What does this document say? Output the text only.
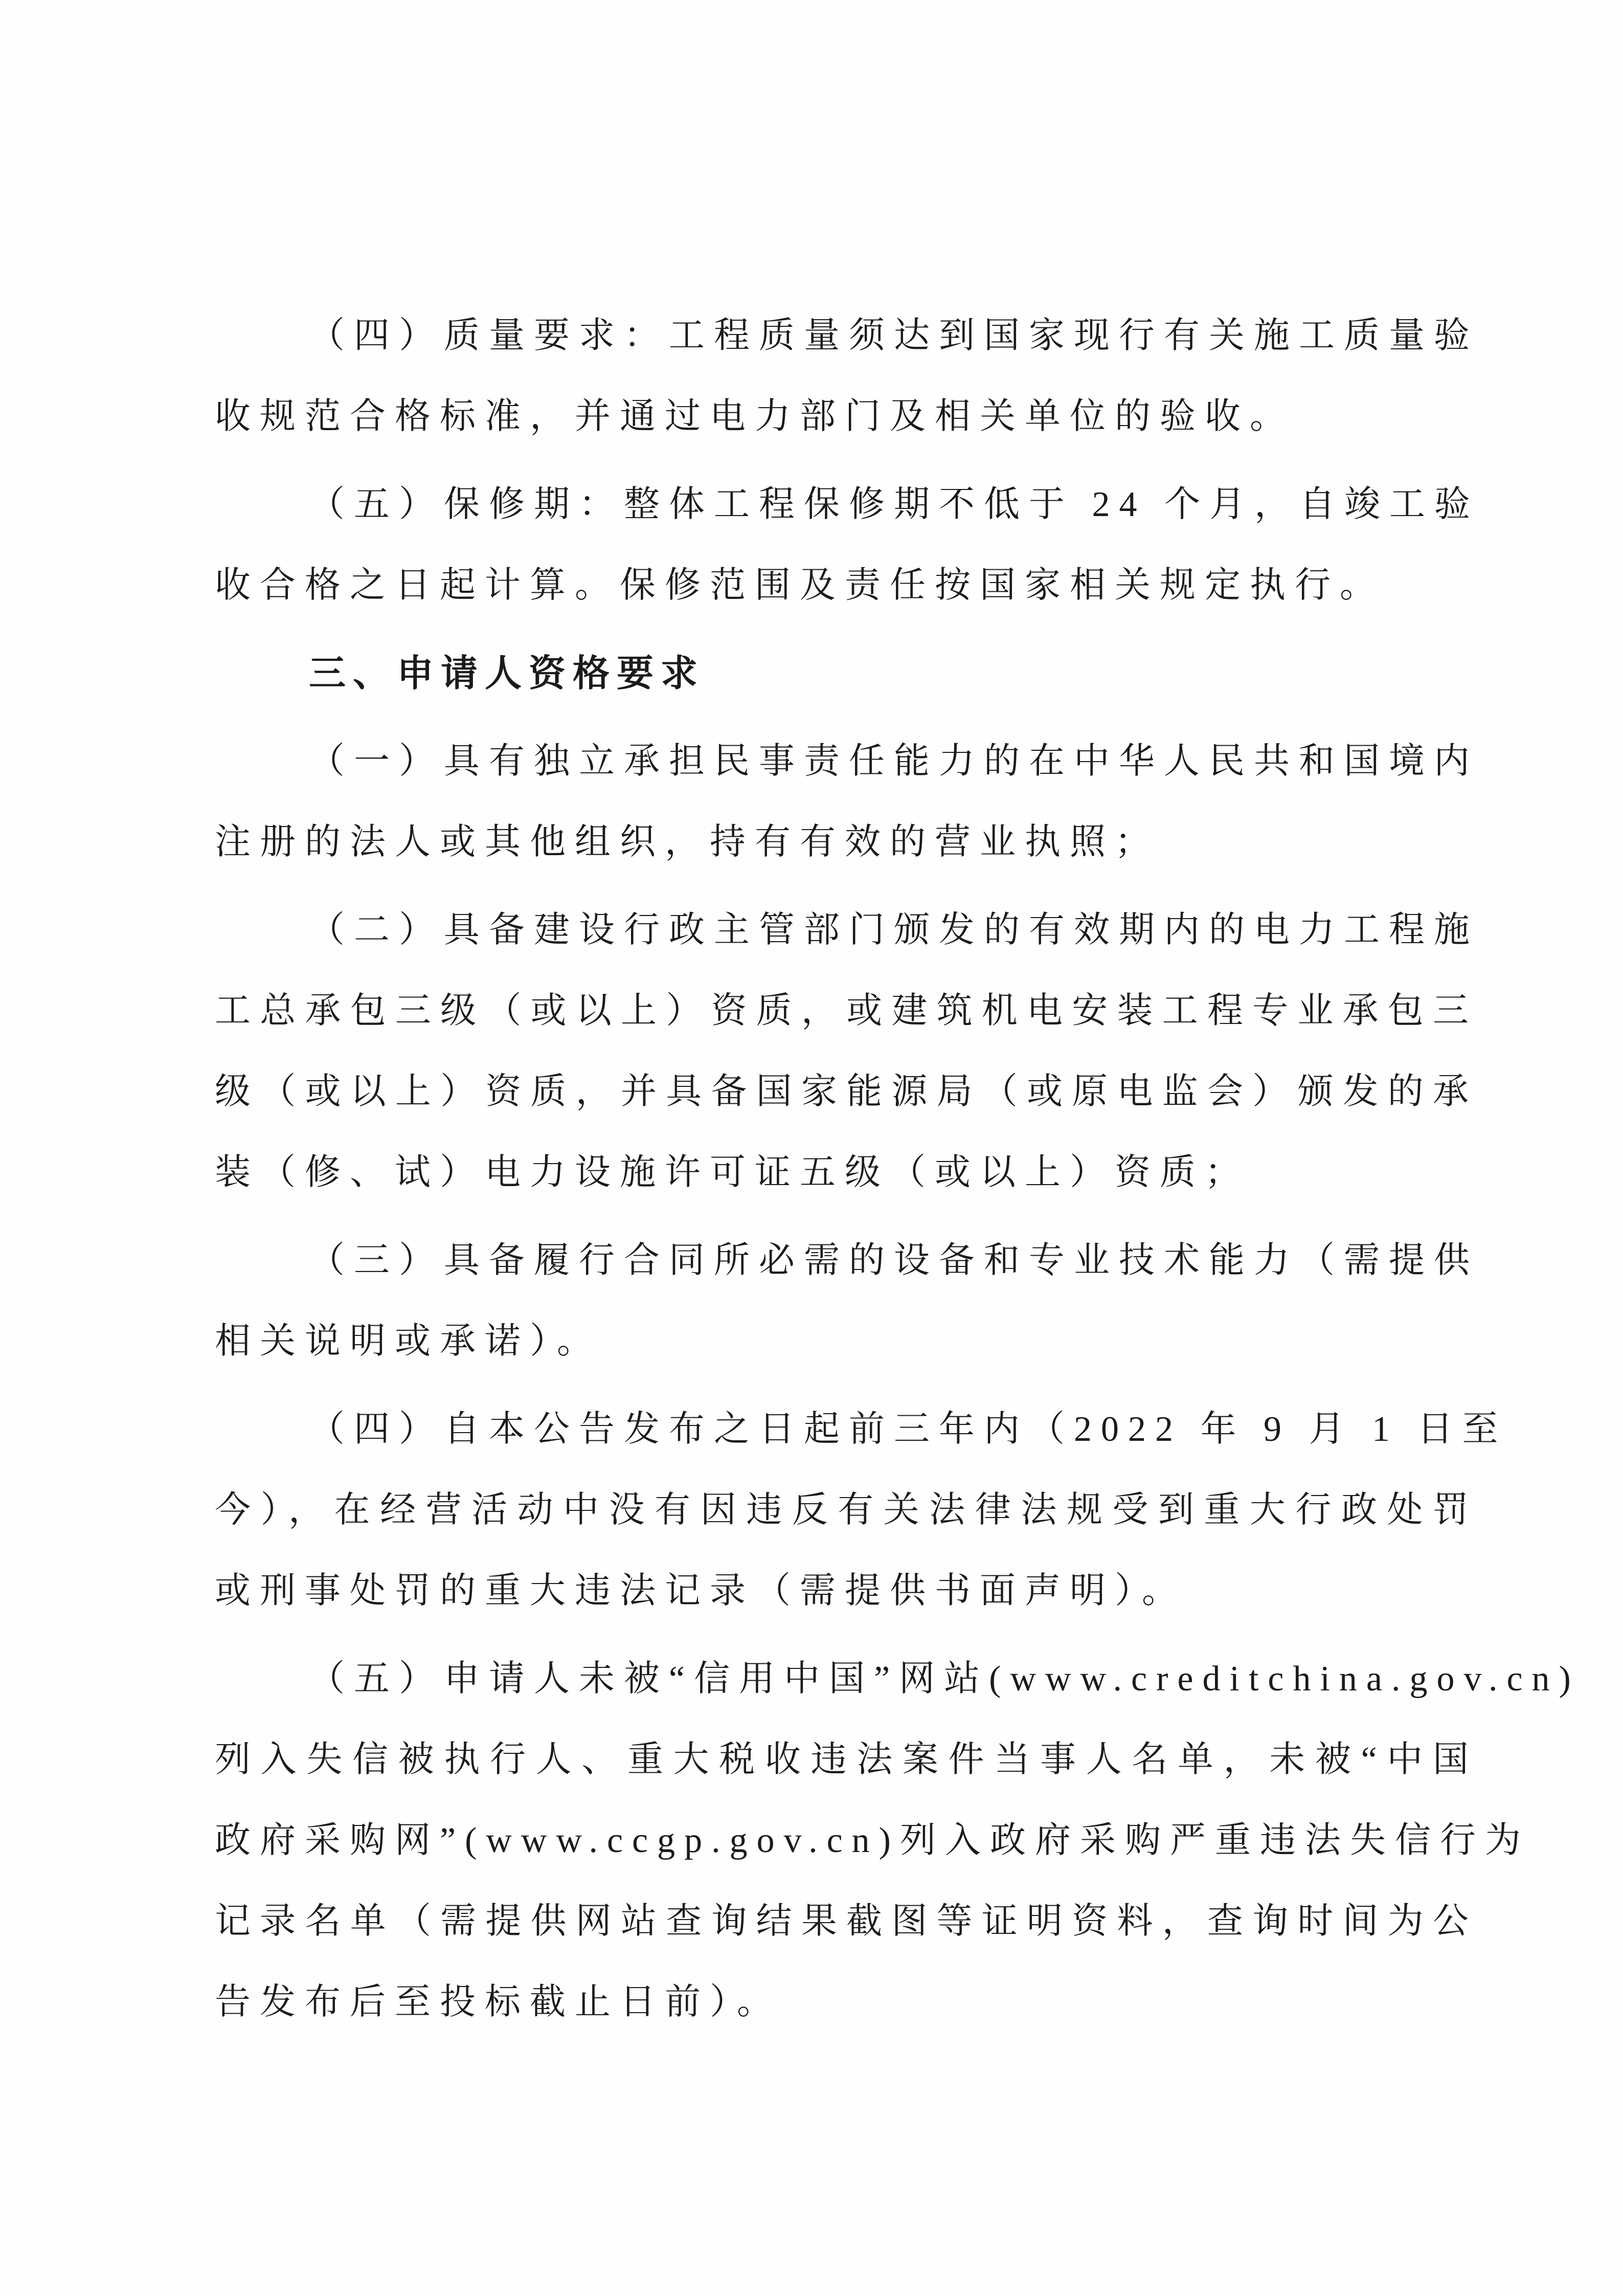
（四）质量要求：工程质量须达到国家现行有关施工质量验
收规范合格标准，并通过电力部门及相关单位的验收。
（五）保修期：整体工程保修期不低于 24 个月，自竣工验
收合格之日起计算。保修范围及责任按国家相关规定执行。
三、申请人资格要求
（一）具有独立承担民事责任能力的在中华人民共和国境内
注册的法人或其他组织，持有有效的营业执照；
（二）具备建设行政主管部门颁发的有效期内的电力工程施
工总承包三级（或以上）资质，或建筑机电安装工程专业承包三
级（或以上）资质，并具备国家能源局（或原电监会）颁发的承
装（修、试）电力设施许可证五级（或以上）资质；
（三）具备履行合同所必需的设备和专业技术能力（需提供
相关说明或承诺）。
（四）自本公告发布之日起前三年内（2022 年 9 月 1 日至
今），在经营活动中没有因违反有关法律法规受到重大行政处罚
或刑事处罚的重大违法记录（需提供书面声明）。
（五）申请人未被“信用中国”网站(www.creditchina.gov.cn)
列入失信被执行人、重大税收违法案件当事人名单，未被“中国
政府采购网”(www.ccgp.gov.cn)列入政府采购严重违法失信行为
记录名单（需提供网站查询结果截图等证明资料，查询时间为公
告发布后至投标截止日前）。
